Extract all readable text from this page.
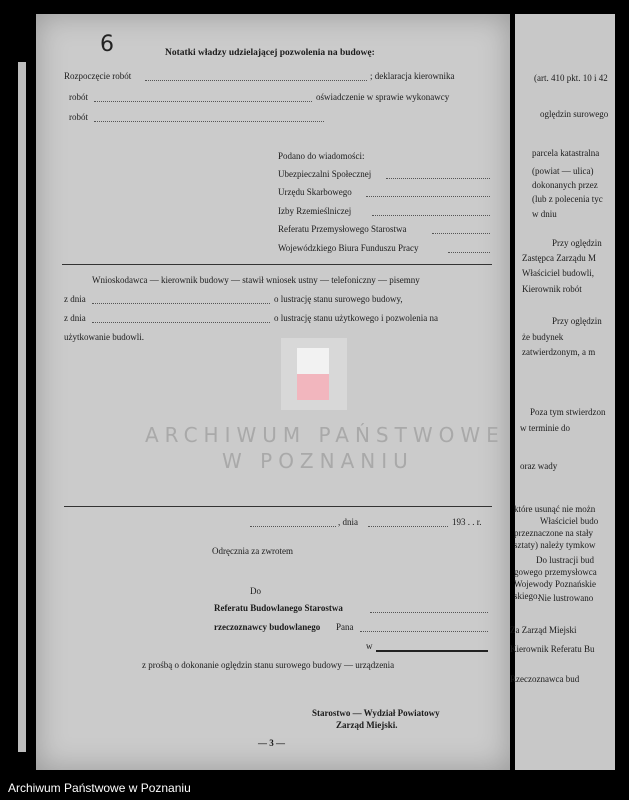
6	Notatki władzy udzielającej pozwolenia na budowę:
Rozpoczęcie robót	; deklaracja kierownika
robót	oświadczenie w sprawie wykonawcy
robót
Podano do wiadomości:
Ubezpieczalni Społecznej
Urzędu Skarbowego
Izby Rzemieślniczej
Referatu Przemysłowego Starostwa
Wojewódzkiego Biura Funduszu Pracy
Wnioskodawca — kierownik budowy — stawił wniosek ustny — telefoniczny — pisemny
z dnia	o lustrację stanu surowego budowy,
z dnia	o lustrację stanu użytkowego i pozwolenia na
użytkowanie budowli.
ARCHIWUM PAŃSTWOWE
W POZNANIU
, dnia	193 . . r.
Odręcznia za zwrotem
Do
Referatu Budowlanego Starostwa
rzeczoznawcy budowlanego Pana
w
z prośbą o dokonanie oględzin stanu surowego budowy — urządzenia
Starostwo — Wydział Powiatowy
Zarząd Miejski.
— 3 —
(art. 410 pkt. 10 i 42
oględzin surowego
parcela katastralna
(powiat — ulica)
dokonanych przez
(lub z polecenia tyc
w dniu
Przy oględzin
Zastępca Zarządu M
Właściciel budowli,
Kierownik robót
Przy oględzin
że budynek
zatwierdzonym, a m
Poza tym stwierdzon
w terminie do
oraz wady
które usunąć nie możn
Właściciel budo
przeznaczone na stały
sztaty) należy tymkow
Do lustracji bud
gowego przemysłowca
Wojewody Poznańskie
skiego.
Nie lustrowano
Za Zarząd Miejski
Kierownik Referatu Bu
Rzeczoznawca bud
Archiwum Państwowe w Poznaniu
